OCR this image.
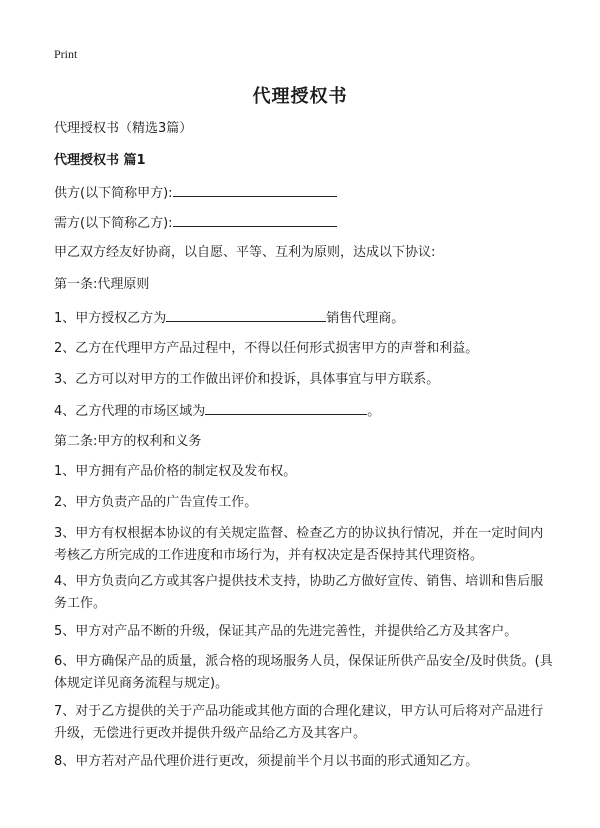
Print
代理授权书
代理授权书（精选3篇）
代理授权书 篇1
供方(以下简称甲方):
需方(以下简称乙方):
甲乙双方经友好协商，以自愿、平等、互利为原则，达成以下协议:
第一条:代理原则
1、甲方授权乙方为	销售代理商。
2、乙方在代理甲方产品过程中，不得以任何形式损害甲方的声誉和利益。
3、乙方可以对甲方的工作做出评价和投诉，具体事宜与甲方联系。
4、乙方代理的市场区域为	。
第二条:甲方的权利和义务
1、甲方拥有产品价格的制定权及发布权。
2、甲方负责产品的广告宣传工作。
3、甲方有权根据本协议的有关规定监督、检查乙方的协议执行情况，并在一定时间内考核乙方所完成的工作进度和市场行为，并有权决定是否保持其代理资格。
4、甲方负责向乙方或其客户提供技术支持，协助乙方做好宣传、销售、培训和售后服务工作。
5、甲方对产品不断的升级，保证其产品的先进完善性，并提供给乙方及其客户。
6、甲方确保产品的质量，派合格的现场服务人员，保保证所供产品安全/及时供货。(具体规定详见商务流程与规定)。
7、对于乙方提供的关于产品功能或其他方面的合理化建议，甲方认可后将对产品进行升级，无偿进行更改并提供升级产品给乙方及其客户。
8、甲方若对产品代理价进行更改，须提前半个月以书面的形式通知乙方。
